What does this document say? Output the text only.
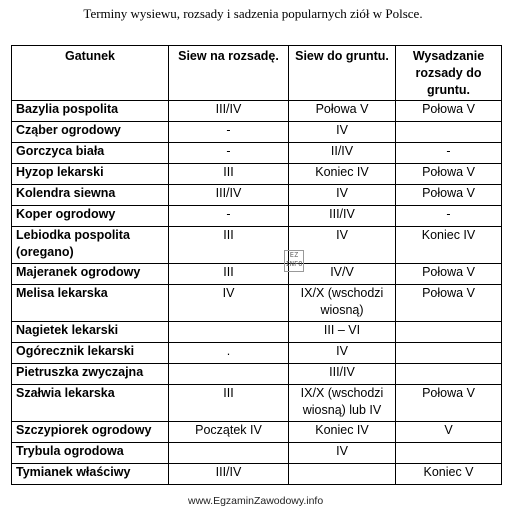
Terminy wysiewu, rozsady i sadzenia popularnych ziół w Polsce.
Gatunek	Siew na rozsadę.	Siew do gruntu.	Wysadzanie rozsady do gruntu.
Bazylia pospolita	III/IV	Połowa V	Połowa V
Cząber ogrodowy	-	IV	
Gorczyca biała	-	II/IV	-
Hyzop lekarski	III	Koniec IV	Połowa V
Kolendra siewna	III/IV	IV	Połowa V
Koper ogrodowy	-	III/IV	-
Lebiodka pospolita (oregano)	III	IV	Koniec IV
Majeranek ogrodowy	III	IV/V	Połowa V
Melisa lekarska	IV	IX/X (wschodzi wiosną)	Połowa V
Nagietek lekarski		III – VI	
Ogórecznik lekarski	.	IV	
Pietruszka zwyczajna		III/IV	
Szałwia lekarska	III	IX/X (wschodzi wiosną) lub IV	Połowa V
Szczypiorek ogrodowy	Początek IV	Koniec IV	V
Trybula ogrodowa		IV	
Tymianek właściwy	III/IV		Koniec V
EZ INFO
www.EgzaminZawodowy.info
